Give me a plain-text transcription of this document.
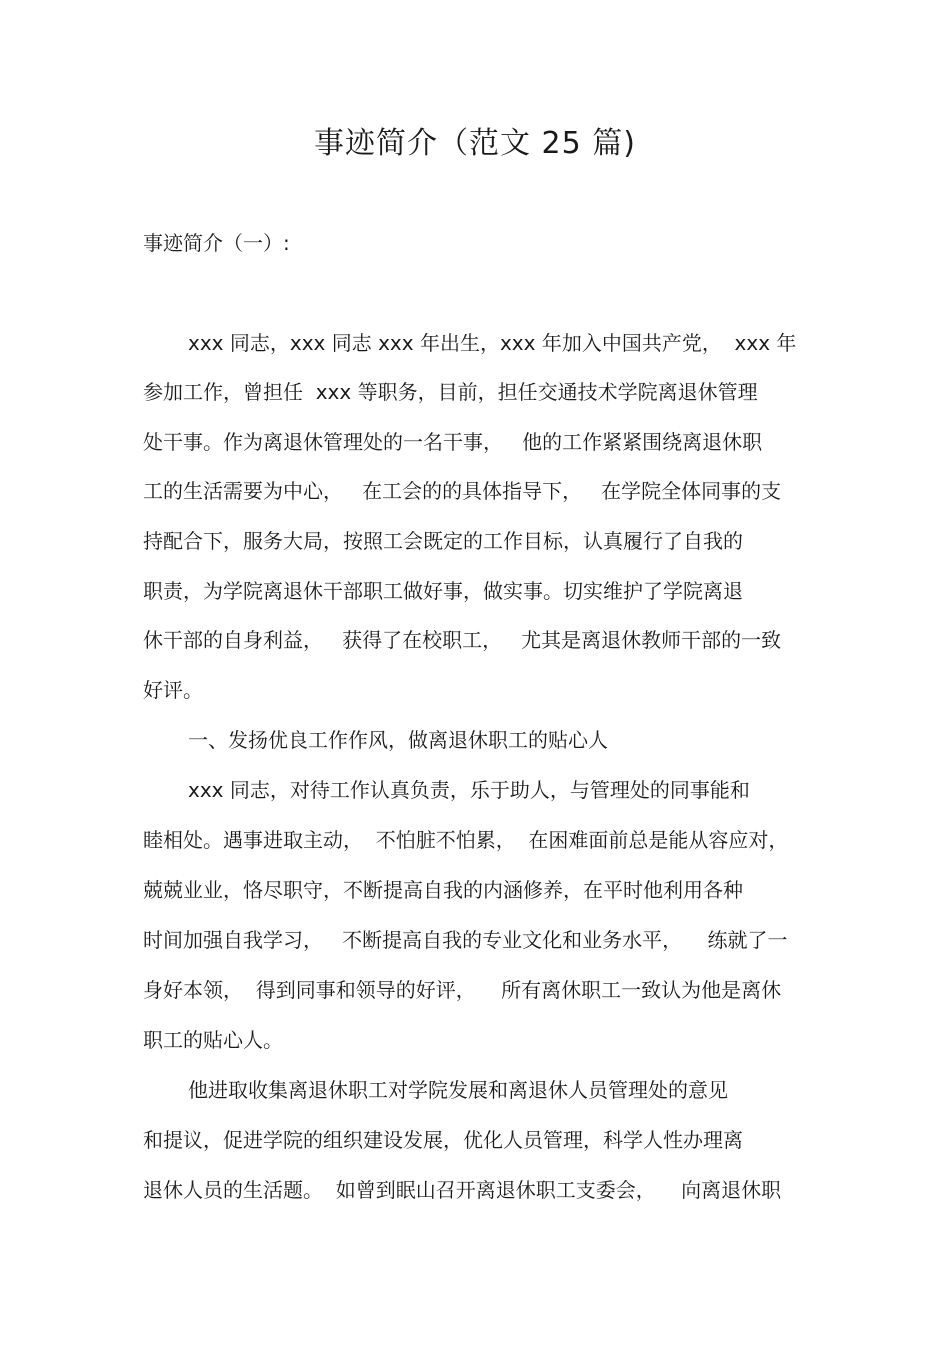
事迹简介（范文 25 篇)

事迹简介（一）:

xxx 同志，xxx 同志 xxx 年出生，xxx 年加入中国共产党，  xxx 年

参加工作，曾担任  xxx 等职务，目前，担任交通技术学院离退休管理

处干事。作为离退休管理处的一名干事，   他的工作紧紧围绕离退休职

工的生活需要为中心，   在工会的的具体指导下，   在学院全体同事的支

持配合下，服务大局，按照工会既定的工作目标，认真履行了自我的

职责，为学院离退休干部职工做好事，做实事。切实维护了学院离退

休干部的自身利益，   获得了在校职工，   尤其是离退休教师干部的一致

好评。

一、发扬优良工作作风，做离退休职工的贴心人

xxx 同志，对待工作认真负责，乐于助人，与管理处的同事能和

睦相处。遇事进取主动，  不怕脏不怕累，  在困难面前总是能从容应对，

兢兢业业，恪尽职守，不断提高自我的内涵修养，在平时他利用各种

时间加强自我学习，   不断提高自我的专业文化和业务水平，    练就了一

身好本领，  得到同事和领导的好评，    所有离休职工一致认为他是离休

职工的贴心人。

他进取收集离退休职工对学院发展和离退休人员管理处的意见

和提议，促进学院的组织建设发展，优化人员管理，科学人性办理离

退休人员的生活题。  如曾到眠山召开离退休职工支委会，    向离退休职
